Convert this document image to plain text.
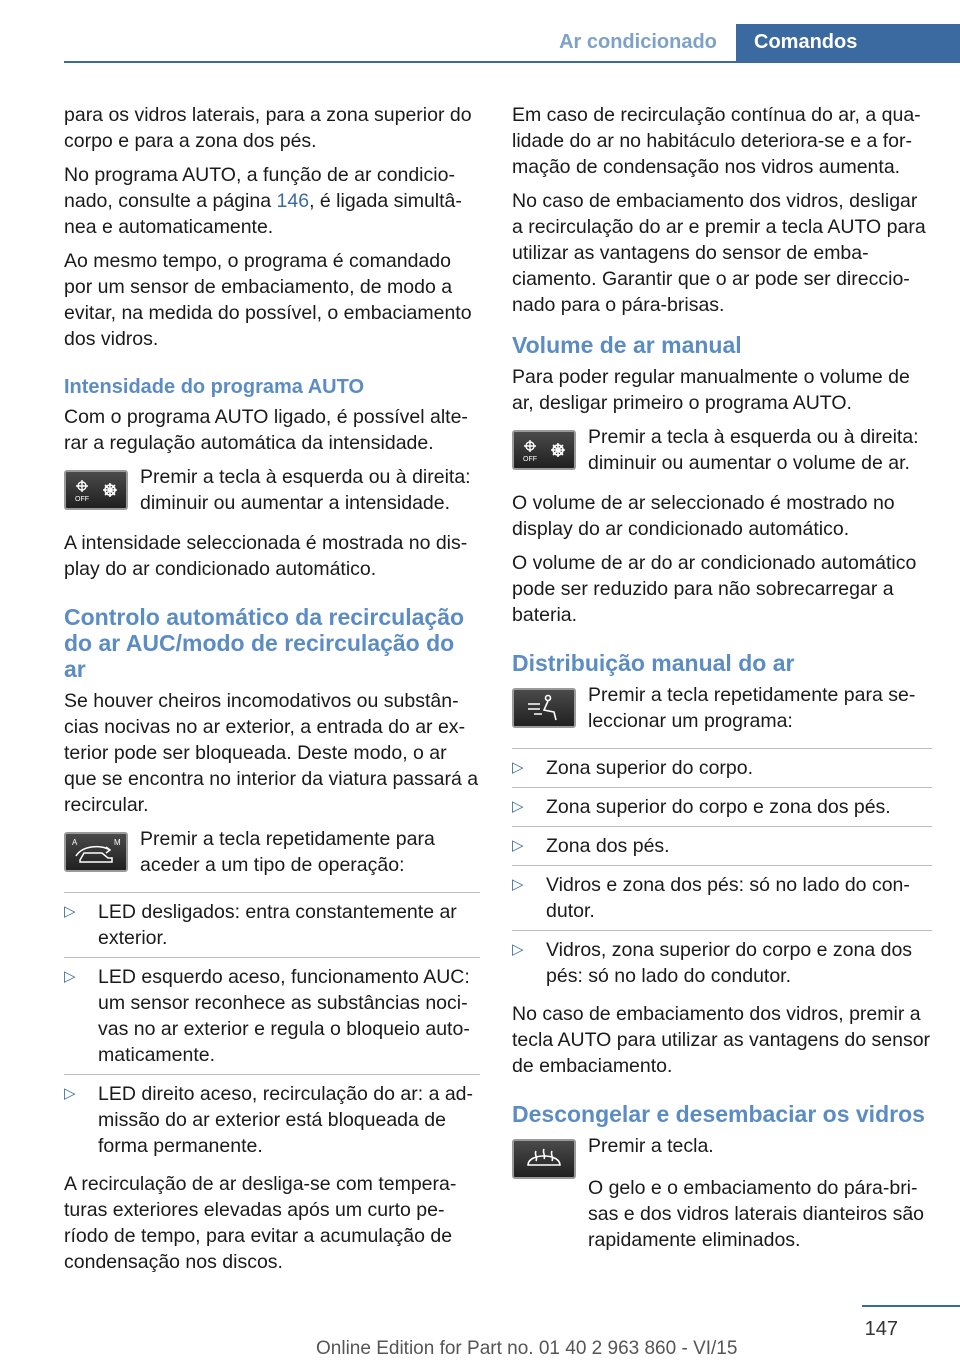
Ar condicionado	Comandos

para os vidros laterais, para a zona superior do corpo e para a zona dos pés.

No programa AUTO, a função de ar condicionado, consulte a página 146, é ligada simultânea e automaticamente.

Ao mesmo tempo, o programa é comandado por um sensor de embaciamento, de modo a evitar, na medida do possível, o embaciamento dos vidros.

Intensidade do programa AUTO

Com o programa AUTO ligado, é possível alterar a regulação automática da intensidade.

OFF

Premir a tecla à esquerda ou à direita: diminuir ou aumentar a intensidade.

A intensidade seleccionada é mostrada no display do ar condicionado automático.

Controlo automático da recirculação do ar AUC/modo de recirculação do ar

Se houver cheiros incomodativos ou substâncias nocivas no ar exterior, a entrada do ar exterior pode ser bloqueada. Deste modo, o ar que se encontra no interior da viatura passará a recircular.

A	M Premir a tecla repetidamente para aceder a um tipo de operação:

▷	LED desligados: entra constantemente ar exterior.
▷	LED esquerdo aceso, funcionamento AUC: um sensor reconhece as substâncias nocivas no ar exterior e regula o bloqueio automaticamente.
▷	LED direito aceso, recirculação do ar: a admissão do ar exterior está bloqueada de forma permanente.

A recirculação de ar desliga-se com temperaturas exteriores elevadas após um curto período de tempo, para evitar a acumulação de condensação nos discos.

Em caso de recirculação contínua do ar, a qualidade do ar no habitáculo deteriora-se e a formação de condensação nos vidros aumenta.

No caso de embaciamento dos vidros, desligar a recirculação do ar e premir a tecla AUTO para utilizar as vantagens do sensor de embaciamento. Garantir que o ar pode ser direccionado para o pára-brisas.

Volume de ar manual

Para poder regular manualmente o volume de ar, desligar primeiro o programa AUTO.

OFF

Premir a tecla à esquerda ou à direita: diminuir ou aumentar o volume de ar.

O volume de ar seleccionado é mostrado no display do ar condicionado automático.

O volume de ar do ar condicionado automático pode ser reduzido para não sobrecarregar a bateria.

Distribuição manual do ar

Premir a tecla repetidamente para seleccionar um programa:

▷	Zona superior do corpo.
▷	Zona superior do corpo e zona dos pés.
▷	Zona dos pés.
▷	Vidros e zona dos pés: só no lado do condutor.
▷	Vidros, zona superior do corpo e zona dos pés: só no lado do condutor.

No caso de embaciamento dos vidros, premir a tecla AUTO para utilizar as vantagens do sensor de embaciamento.

Descongelar e desembaciar os vidros

Premir a tecla.

O gelo e o embaciamento do pára-brisas e dos vidros laterais dianteiros são rapidamente eliminados.

147
Online Edition for Part no. 01 40 2 963 860 - VI/15
